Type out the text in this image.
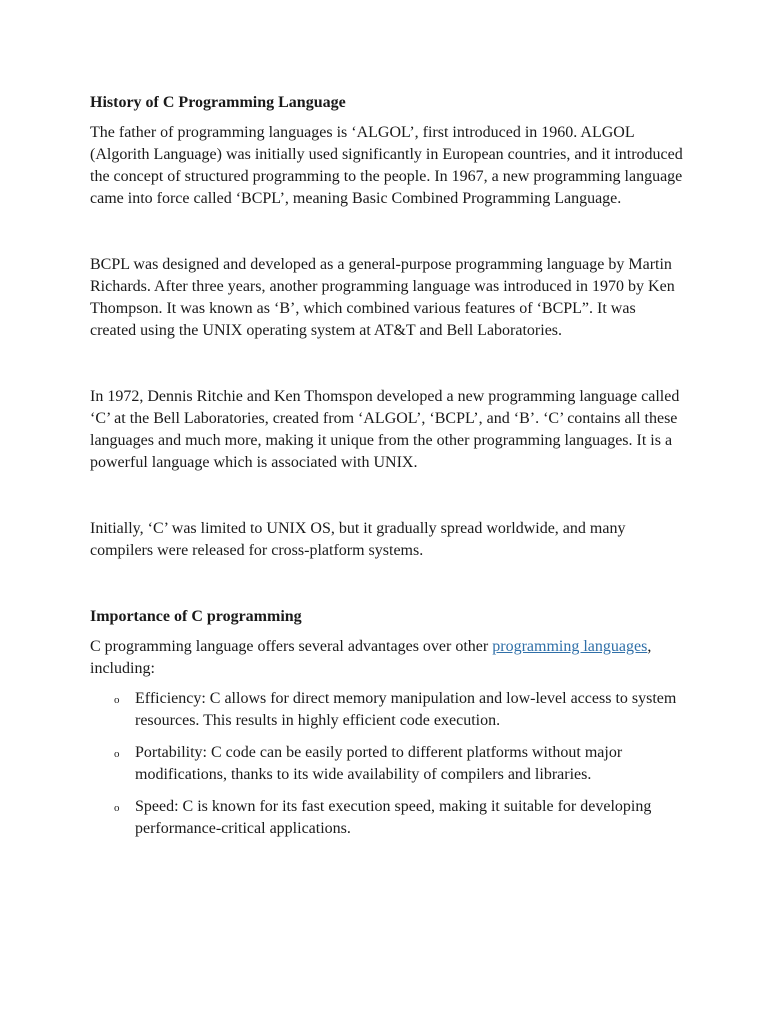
History of C Programming Language

The father of programming languages is ‘ALGOL’, first introduced in 1960. ALGOL (Algorith Language) was initially used significantly in European countries, and it introduced the concept of structured programming to the people. In 1967, a new programming language came into force called ‘BCPL’, meaning Basic Combined Programming Language.

BCPL was designed and developed as a general-purpose programming language by Martin Richards. After three years, another programming language was introduced in 1970 by Ken Thompson. It was known as ‘B’, which combined various features of ‘BCPL”. It was created using the UNIX operating system at AT&T and Bell Laboratories.

In 1972, Dennis Ritchie and Ken Thomspon developed a new programming language called ‘C’ at the Bell Laboratories, created from ‘ALGOL’, ‘BCPL’, and ‘B’. ‘C’ contains all these languages and much more, making it unique from the other programming languages. It is a powerful language which is associated with UNIX.

Initially, ‘C’ was limited to UNIX OS, but it gradually spread worldwide, and many compilers were released for cross-platform systems.

Importance of C programming

C programming language offers several advantages over other programming languages, including:

o Efficiency: C allows for direct memory manipulation and low-level access to system resources. This results in highly efficient code execution.
o Portability: C code can be easily ported to different platforms without major modifications, thanks to its wide availability of compilers and libraries.
o Speed: C is known for its fast execution speed, making it suitable for developing performance-critical applications.
